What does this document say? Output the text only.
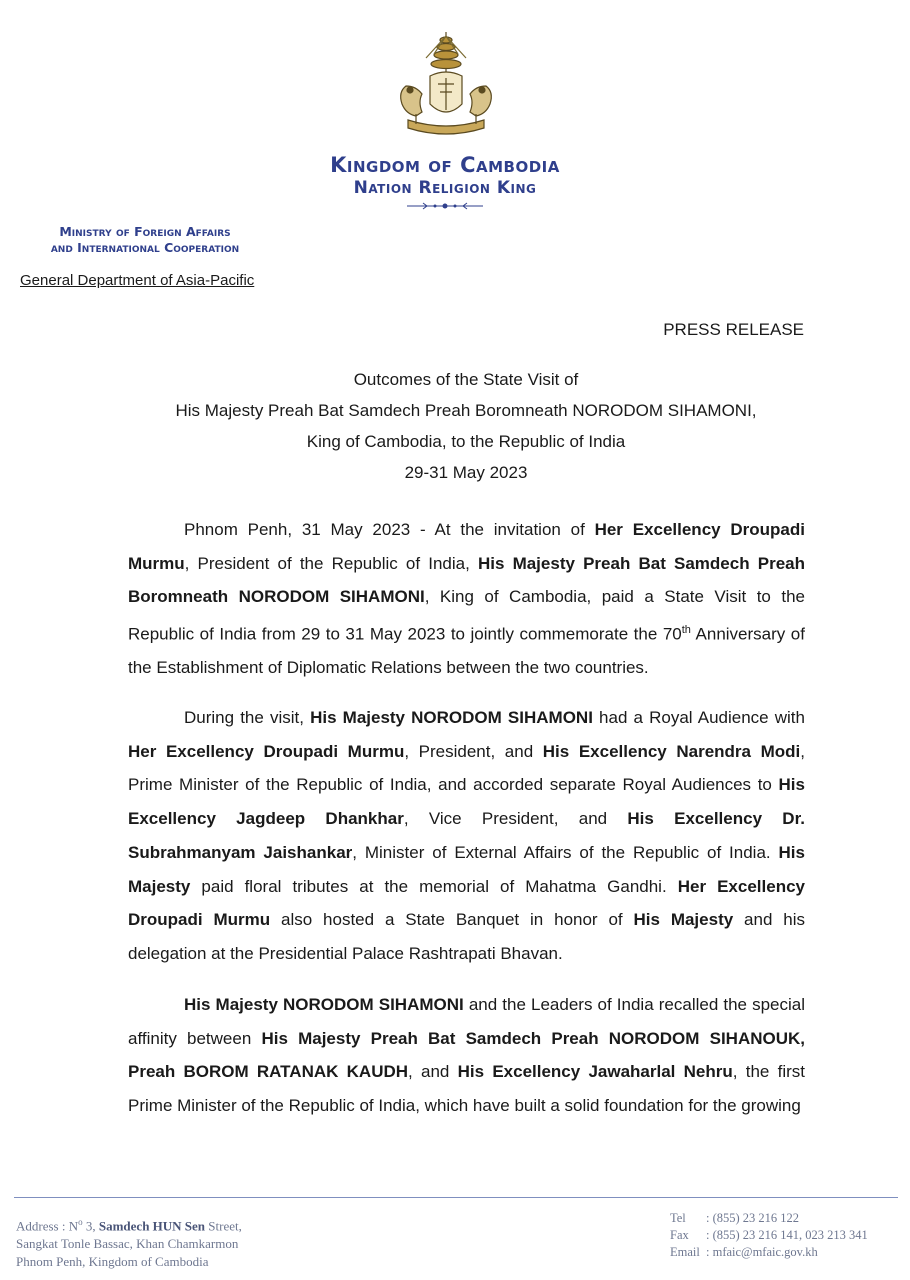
Kingdom of Cambodia
Nation Religion King
Ministry of Foreign Affairs
and International Cooperation
General Department of Asia-Pacific
PRESS RELEASE
Outcomes of the State Visit of
His Majesty Preah Bat Samdech Preah Boromneath NORODOM SIHAMONI,
King of Cambodia, to the Republic of India
29-31 May 2023

Phnom Penh, 31 May 2023 - At the invitation of Her Excellency Droupadi Murmu, President of the Republic of India, His Majesty Preah Bat Samdech Preah Boromneath NORODOM SIHAMONI, King of Cambodia, paid a State Visit to the Republic of India from 29 to 31 May 2023 to jointly commemorate the 70th Anniversary of the Establishment of Diplomatic Relations between the two countries.

During the visit, His Majesty NORODOM SIHAMONI had a Royal Audience with Her Excellency Droupadi Murmu, President, and His Excellency Narendra Modi, Prime Minister of the Republic of India, and accorded separate Royal Audiences to His Excellency Jagdeep Dhankhar, Vice President, and His Excellency Dr. Subrahmanyam Jaishankar, Minister of External Affairs of the Republic of India. His Majesty paid floral tributes at the memorial of Mahatma Gandhi. Her Excellency Droupadi Murmu also hosted a State Banquet in honor of His Majesty and his delegation at the Presidential Palace Rashtrapati Bhavan.

His Majesty NORODOM SIHAMONI and the Leaders of India recalled the special affinity between His Majesty Preah Bat Samdech Preah NORODOM SIHANOUK, Preah BOROM RATANAK KAUDH, and His Excellency Jawaharlal Nehru, the first Prime Minister of the Republic of India, which have built a solid foundation for the growing

Address : $N^o$ 3, Samdech HUN Sen Street,
Sangkat Tonle Bassac, Khan Chamkarmon
Phnom Penh, Kingdom of Cambodia
Tel : (855) 23 216 122
Fax : (855) 23 216 141, 023 213 341
Email : mfaic@mfaic.gov.kh
